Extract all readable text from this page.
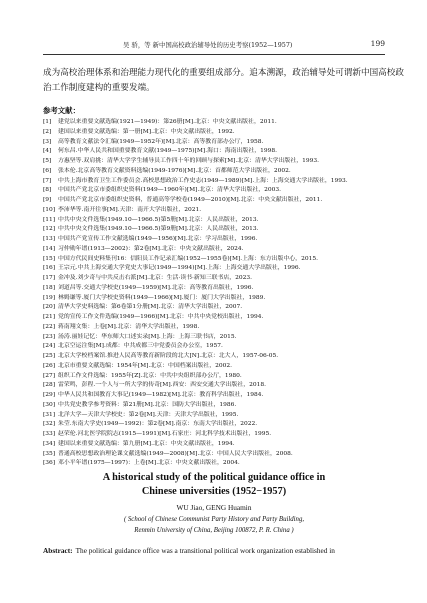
吴 骄，等 新中国高校政治辅导处的历史考察(1952—1957)	199
成为高校治理体系和治理能力现代化的重要组成部分。追本溯源，政治辅导处可谓新中国高校政
治工作制度建构的重要发端。
参考文献：
[1]	建党以来重要文献选编(1921—1949)：第26册[M].北京：中央文献出版社，2011.
[2]	建国以来重要文献选编：第一册[M].北京：中央文献出版社，1992.
[3]	高等教育文献法令汇编(1949—1952年)[M].北京：高等教育部办公厅，1958.
[4]	何东昌.中华人民共和国重要教育文献(1949—1975)[M].海口：海南出版社，1998.
[5]	方惠坚等.双肩挑：清华大学学生辅导员工作四十年的回顾与探索[M].北京：清华大学出版社，1993.
[6]	张本伦.北京高等教育文献资料选编(1949-1976)[M].北京：首都师范大学出版社，2002.
[7]	中共上海市教育卫生工作委员会.高校思想政治工作史志(1949—1989)[M].上海：上海交通大学出版社，1993.
[8]	中国共产党北京市委组织史资料(1949—1960年)[M].北京：清华大学出版社，2003.
[9]	中国共产党北京市委组织史资料，普通高等学校卷(1949—2010)[M].北京：中央文献出版社，2011.
[10] 李沛华等.南开往事[M].天津：南开大学出版社，2021.
[11] 中共中央文件选集(1949.10—1966.5)第5册[M].北京：人民出版社，2013.
[12] 中共中央文件选集(1949.10—1966.5)第9册[M].北京：人民出版社，2013.
[13] 中国共产党宣传工作文献选编(1949—1956)[M].北京：学习出版社，1996.
[14] 习仲勋年谱(1913—2002)：第2卷[M].北京：中央文献出版社，2024.
[15] 中国方代民间史料集刊16：信阳员工作记录汇编(1952—1955卷)[M].上海：东方出版中心，2015.
[16] 王宗元.中共上海交通大学党史大事记(1949—1994)[M].上海：上海交通大学出版社，1996.
[17] 金冲及.刘少奇与中共反击右派[M].北京：生活·读书·新知三联书店，2023.
[18] 刘道昌等.交通大学校史(1949—1959)[M].北京：高等教育出版社，1996.
[19] 林姆谦等.厦门大学校史资料(1949—1966)[M].厦门：厦门大学出版社，1989.
[20] 清华大学史料选编：第6卷第1分册[M].北京：清华大学出版社，2007.
[21] 党的宣传工作文件选编(1949—1966)[M].北京：中共中央党校出版社，1994.
[22] 蒋南翔文集：上卷[M].北京：清华大学出版社，1998.
[23] 汤涛.丽娃记忆：华东师大口述实录[M].上海：上海三联书店，2015.
[24] 北京空运注集[M].成都：中共成都三中党委员会办公室，1957.
[25] 北京大学校档案馆.推进人民高等教育新阶段的北大[N].北京：北大人，1957-06-05.
[26] 北京市重要文献选编：1954年[M].北京：中国档案出版社，2002.
[27] 组织工作文件选编：1955年[Z].北京：中共中央组织部办公厅，1980.
[28] 雷荣鸣，彭程.一个人与一所大学的传奇[M].西安：西安交通大学出版社，2018.
[29] 中华人民共和国教育大事记(1949—1982)[M].北京：教育科学出版社，1984.
[30] 中共党史教学参考资料：第21册[M].北京：国防大学出版社，1986.
[31] 北洋大学—天津大学校史：第2卷[M].天津：天津大学出版社，1995.
[32] 朱莹.东南大学史(1949—1992)：第2卷[M].南京：东南大学出版社，2022.
[33] 赵荣伦.河北医学院院志(1915—1991)[M].石家庄：河北科学技术出版社，1995.
[34] 建国以来重要文献选编：第九册[M].北京：中央文献出版社，1994.
[35] 普通高校思想政治理论课文献选编(1949—2008)[M].北京：中国人民大学出版社，2008.
[36] 邓小平年谱(1975—1997)：上卷[M].北京：中央文献出版社，2004.
A historical study of the political guidance office in
Chinese universities (1952−1957)
WU Jiao, GENG Huamin
( School of Chinese Communist Party History and Party Building,
Renmin University of China, Beijing 100872, P. R. China )
Abstract: The political guidance office was a transitional political work organization established in
